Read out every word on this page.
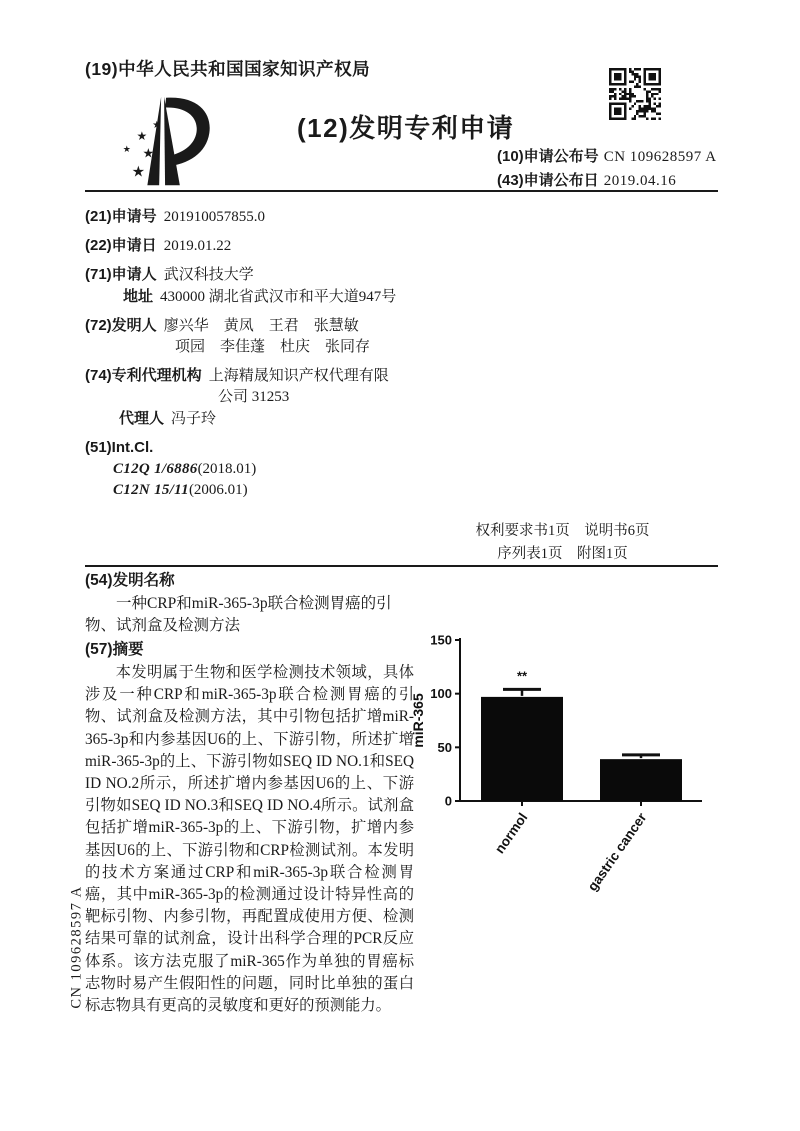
(19)中华人民共和国国家知识产权局
★
★
★ ★
★
(12)发明专利申请
(10)申请公布号 CN 109628597 A
(43)申请公布日 2019.04.16
(21)申请号 201910057855.0
(22)申请日 2019.01.22
(71)申请人 武汉科技大学
地址 430000 湖北省武汉市和平大道947号
(72)发明人 廖兴华　黄凤　王君　张慧敏
项园　李佳蓬　杜庆　张同存
(74)专利代理机构 上海精晟知识产权代理有限
公司 31253
代理人 冯子玲
(51)Int.Cl.
C12Q 1/6886(2018.01)
C12N 15/11(2006.01)
权利要求书1页　说明书6页
序列表1页　附图1页
(54)发明名称

一种CRP和miR-365-3p联合检测胃癌的引物、试剂盒及检测方法

(57)摘要

本发明属于生物和医学检测技术领域，具体涉及一种CRP和miR-365-3p联合检测胃癌的引物、试剂盒及检测方法，其中引物包括扩增miR-365-3p和内参基因U6的上、下游引物，所述扩增miR-365-3p的上、下游引物如SEQ ID NO.1和SEQ ID NO.2所示，所述扩增内参基因U6的上、下游引物如SEQ ID NO.3和SEQ ID NO.4所示。试剂盒包括扩增miR-365-3p的上、下游引物，扩增内参基因U6的上、下游引物和CRP检测试剂。本发明的技术方案通过CRP和miR-365-3p联合检测胃癌，其中miR-365-3p的检测通过设计特异性高的靶标引物、内参引物，再配置成使用方便、检测结果可靠的试剂盒，设计出科学合理的PCR反应体系。该方法克服了miR-365作为单独的胃癌标志物时易产生假阳性的问题，同时比单独的蛋白标志物具有更高的灵敏度和更好的预测能力。

0
50
100
150
miR-365
normol	gastric cancer
**
CN 109628597 A
